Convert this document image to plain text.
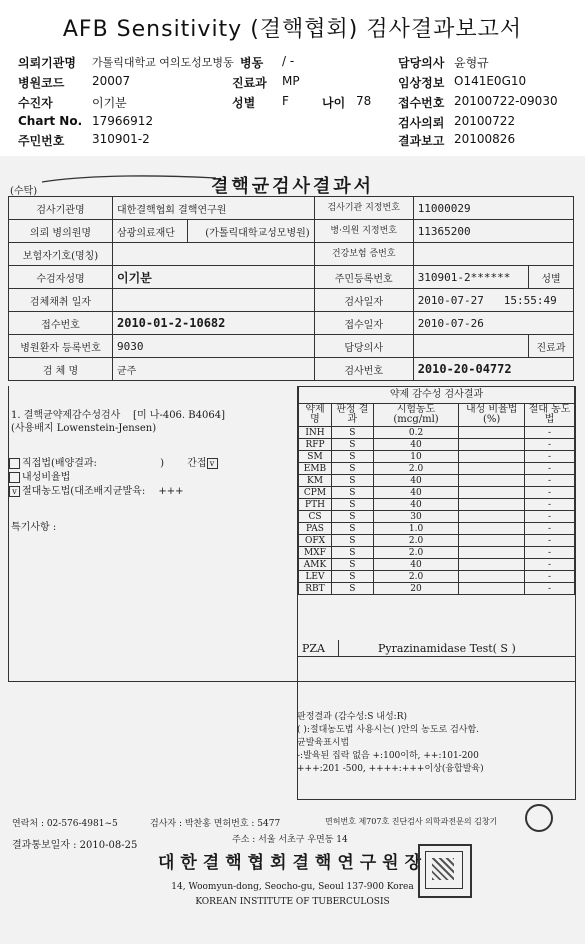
AFB Sensitivity (결핵협회) 검사결과보고서
의뢰기관명 가톨릭대학교 여의도성모병동 병동 / -	담당의사 윤형규
병원코드 20007	진료과 MP	임상정보 O141E0G10
수진자	이기분	성별 F	나이 78 접수번호 20100722-09030
Chart No. 17966912	검사의뢰 20100722
주민번호 310901-2	결과보고 20100826
(수탁)	결핵균검사결과서
검사기관명	대한결핵협회 결핵연구원		검사기관 지정번호	11000029	
의뢰 병의원명	삼광의료재단	(가톨릭대학교성모병원)	병·의원 지정번호	11365200	
보험자기호(명칭)			건강보험 증번호		
수검자성명	이기분		주민등록번호	310901-2******	성별
검체채취 일자			검사일자	2010-07-27 15:55:49	
접수번호	2010-01-2-10682		접수일자	2010-07-26	
병원환자 등록번호	9030		담당의사		진료과
검 체 명	균주		검사번호	2010-20-04772	
1. 결핵균약제감수성검사 [미 나-406. B4064]
(사용배지 Lowenstein-Jensen)
직접법(배양결과:	) 간접 v
내성비율법
v 절대농도법(대조배지균발육: +++
특기사항 :
약제 감수성 검사결과				
약제명	판정 결과	시험농도 (mcg/ml)	내성 비율법(%)	절대 농도법
INH	S	0.2		-
RFP	S	40		-
SM	S	10		-
EMB	S	2.0		-
KM	S	40		-
CPM	S	40		-
PTH	S	40		-
CS	S	30		-
PAS	S	1.0		-
OFX	S	2.0		-
MXF	S	2.0		-
AMK	S	40		-
LEV	S	2.0		-
RBT	S	20		-
PZA	Pyrazinamidase Test( S )
판정결과 (감수성:S 내성:R)
( ):절대농도법 사용시는( )안의 농도로 검사함.
균발육표시법
-:발육된 집락 없음 +:100이하, ++:101-200
+++:201 -500, ++++:+++이상(융합발육)
연락처 : 02-576-4981~5	검사자 : 박찬홍 면허번호 : 5477	면허번호 제707호 진단검사 의학과전문의 김창기
결과통보일자 : 2010-08-25	주소 : 서울 서초구 우면동 14
대한결핵협회결핵연구원장
14, Woomyun-dong, Seocho-gu, Seoul 137-900 Korea
KOREAN INSTITUTE OF TUBERCULOSIS
